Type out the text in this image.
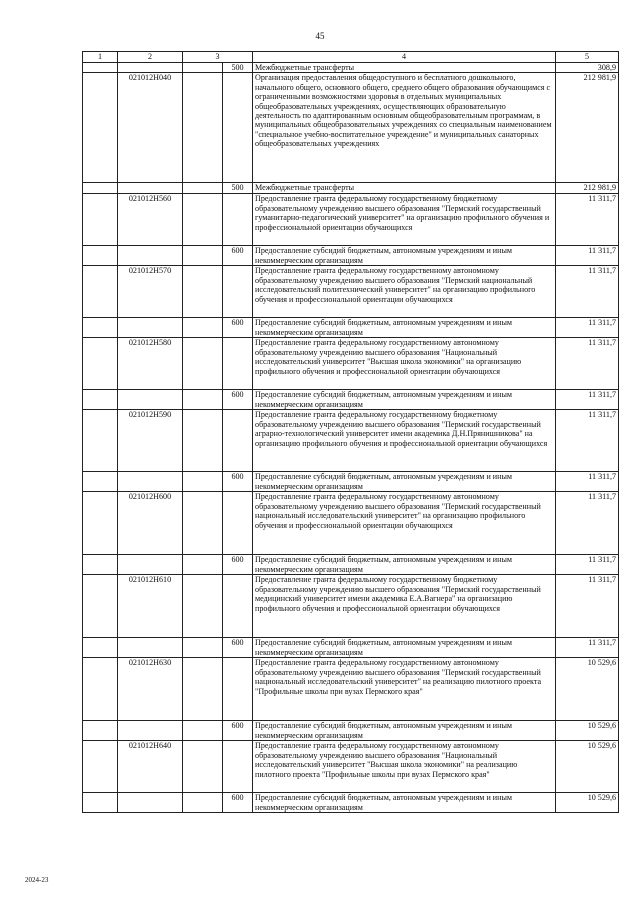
45
1	2	3		4	5
			500	Межбюджетные трансферты	308,9
	021012Н040			Организация предоставления общедоступного и бесплатного дошкольного, начального общего, основного общего, среднего общего образования обучающимся с ограниченными возможностями здоровья в отдельных муниципальных общеобразовательных учреждениях, осуществляющих образовательную деятельность по адаптированным основным общеобразовательным программам, в муниципальных общеобразовательных учреждениях со специальным наименованием "специальное учебно-воспитательное учреждение" и муниципальных санаторных общеобразовательных учреждениях	212 981,9
			500	Межбюджетные трансферты	212 981,9
	021012Н560			Предоставление гранта федеральному государственному бюджетному образовательному учреждению высшего образования "Пермский государственный гуманитарно-педагогический университет" на организацию профильного обучения и профессиональной ориентации обучающихся	11 311,7
			600	Предоставление субсидий бюджетным, автономным учреждениям и иным некоммерческим организациям	11 311,7
	021012Н570			Предоставление гранта федеральному государственному автономному образовательному учреждению высшего образования "Пермский национальный исследовательский политехнический университет" на организацию профильного обучения и профессиональной ориентации обучающихся	11 311,7
			600	Предоставление субсидий бюджетным, автономным учреждениям и иным некоммерческим организациям	11 311,7
	021012Н580			Предоставление гранта федеральному государственному автономному образовательному учреждению высшего образования "Национальный исследовательский университет "Высшая школа экономики" на организацию профильного обучения и профессиональной ориентации обучающихся	11 311,7
			600	Предоставление субсидий бюджетным, автономным учреждениям и иным некоммерческим организациям	11 311,7
	021012Н590			Предоставление гранта федеральному государственному бюджетному образовательному учреждению высшего образования "Пермский государственный аграрно-технологический университет имени академика Д.Н.Прянишникова" на организацию профильного обучения и профессиональной ориентации обучающихся	11 311,7
			600	Предоставление субсидий бюджетным, автономным учреждениям и иным некоммерческим организациям	11 311,7
	021012Н600			Предоставление гранта федеральному государственному автономному образовательному учреждению высшего образования "Пермский государственный национальный исследовательский университет" на организацию профильного обучения и профессиональной ориентации обучающихся	11 311,7
			600	Предоставление субсидий бюджетным, автономным учреждениям и иным некоммерческим организациям	11 311,7
	021012Н610			Предоставление гранта федеральному государственному бюджетному образовательному учреждению высшего образования "Пермский государственный медицинский университет имени академика Е.А.Вагнера" на организацию профильного обучения и профессиональной ориентации обучающихся	11 311,7
			600	Предоставление субсидий бюджетным, автономным учреждениям и иным некоммерческим организациям	11 311,7
	021012Н630			Предоставление гранта федеральному государственному автономному образовательному учреждению высшего образования "Пермский государственный национальный исследовательский университет" на реализацию пилотного проекта "Профильные школы при вузах Пермского края"	10 529,6
			600	Предоставление субсидий бюджетным, автономным учреждениям и иным некоммерческим организациям	10 529,6
	021012Н640			Предоставление гранта федеральному государственному автономному образовательному учреждению высшего образования "Национальный исследовательский университет "Высшая школа экономики" на реализацию пилотного проекта "Профильные школы при вузах Пермского края"	10 529,6
			600	Предоставление субсидий бюджетным, автономным учреждениям и иным некоммерческим организациям	10 529,6
2024-23
